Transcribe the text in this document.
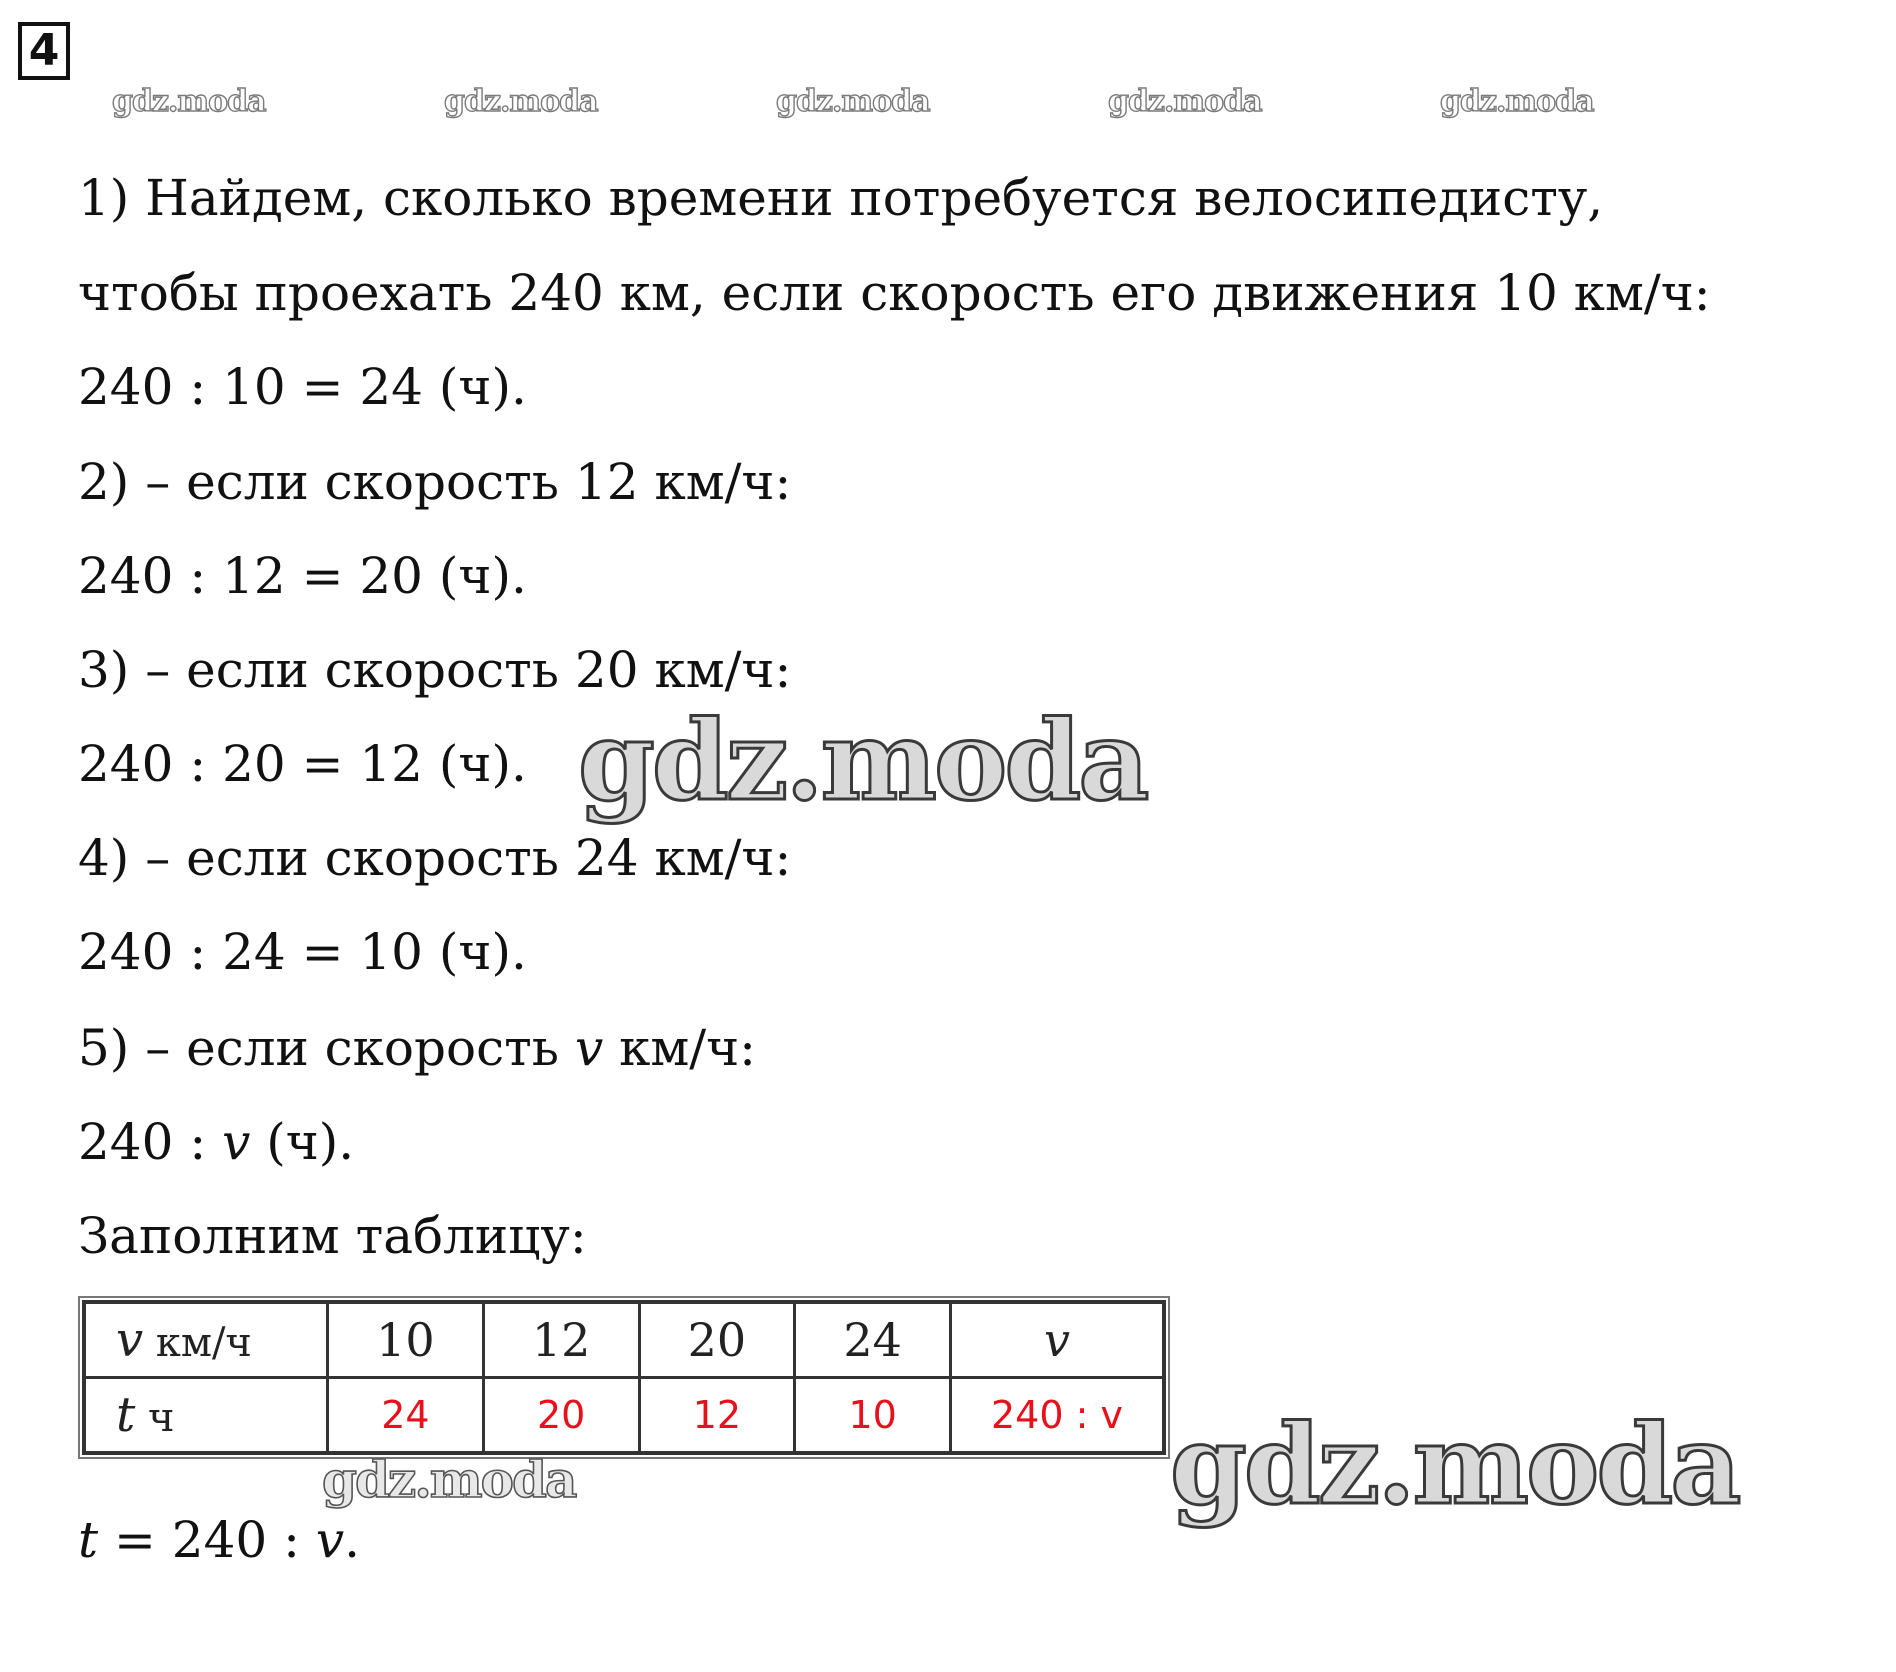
4
gdz.moda	gdz.moda	gdz.moda	gdz.moda	gdz.moda
1) Найдем, сколько времени потребуется велосипедисту,
чтобы проехать 240 км, если скорость его движения 10 км/ч:
240 : 10 = 24 (ч).
2) – если скорость 12 км/ч:
240 : 12 = 20 (ч).
3) – если скорость 20 км/ч:
240 : 20 = 12 (ч).
4) – если скорость 24 км/ч:
240 : 24 = 10 (ч).
5) – если скорость v км/ч:
240 : v (ч).
Заполним таблицу:
gdz.moda
v км/ч	10	12	20	24	v
t ч	24	20	12	10	240 : v
gdz.moda	gdz.moda
t = 240 : v.
